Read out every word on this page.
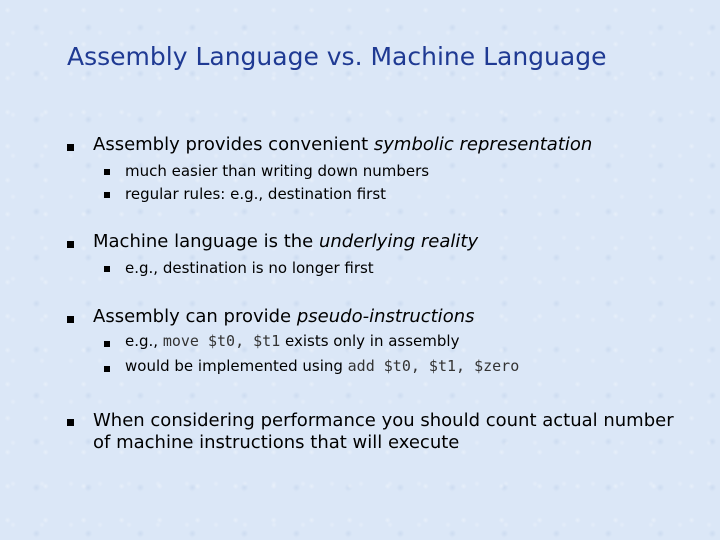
Assembly Language vs. Machine Language
Assembly provides convenient symbolic representation
much easier than writing down numbers
regular rules: e.g., destination first
Machine language is the underlying reality
e.g., destination is no longer first
Assembly can provide pseudo-instructions
e.g., move $t0, $t1 exists only in assembly
would be implemented using add $t0, $t1, $zero
When considering performance you should count actual number
of machine instructions that will execute
